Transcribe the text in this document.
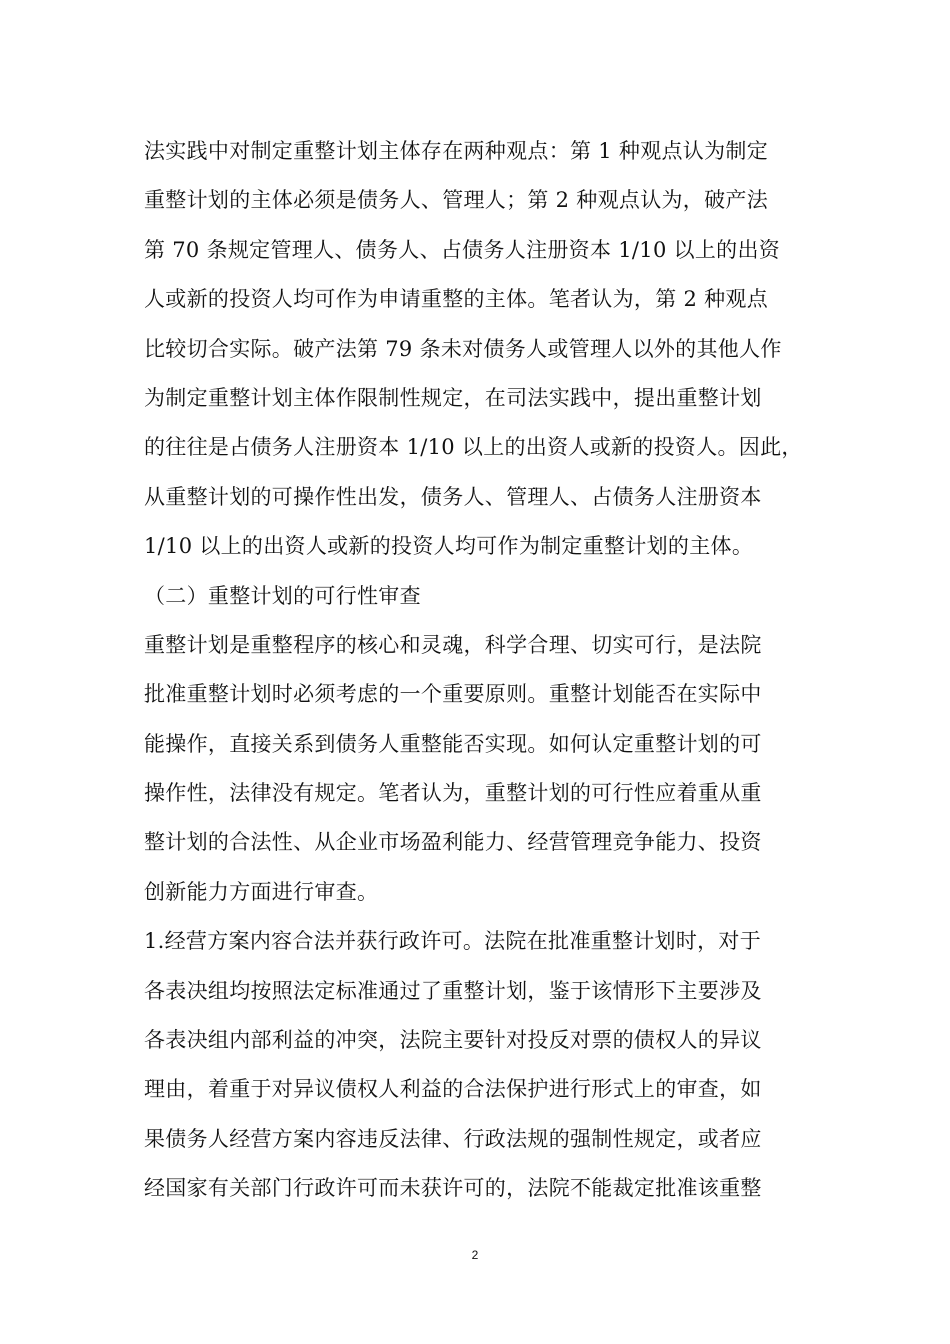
法实践中对制定重整计划主体存在两种观点：第 1 种观点认为制定
重整计划的主体必须是债务人、管理人；第 2 种观点认为，破产法
第 70 条规定管理人、债务人、占债务人注册资本 1/10 以上的出资
人或新的投资人均可作为申请重整的主体。笔者认为，第 2 种观点
比较切合实际。破产法第 79 条未对债务人或管理人以外的其他人作
为制定重整计划主体作限制性规定，在司法实践中，提出重整计划
的往往是占债务人注册资本 1/10 以上的出资人或新的投资人。因此，
从重整计划的可操作性出发，债务人、管理人、占债务人注册资本
1/10 以上的出资人或新的投资人均可作为制定重整计划的主体。
（二）重整计划的可行性审查
重整计划是重整程序的核心和灵魂，科学合理、切实可行，是法院
批准重整计划时必须考虑的一个重要原则。重整计划能否在实际中
能操作，直接关系到债务人重整能否实现。如何认定重整计划的可
操作性，法律没有规定。笔者认为，重整计划的可行性应着重从重
整计划的合法性、从企业市场盈利能力、经营管理竞争能力、投资
创新能力方面进行审查。
1.经营方案内容合法并获行政许可。法院在批准重整计划时，对于
各表决组均按照法定标准通过了重整计划，鉴于该情形下主要涉及
各表决组内部利益的冲突，法院主要针对投反对票的债权人的异议
理由，着重于对异议债权人利益的合法保护进行形式上的审查，如
果债务人经营方案内容违反法律、行政法规的强制性规定，或者应
经国家有关部门行政许可而未获许可的，法院不能裁定批准该重整
2
